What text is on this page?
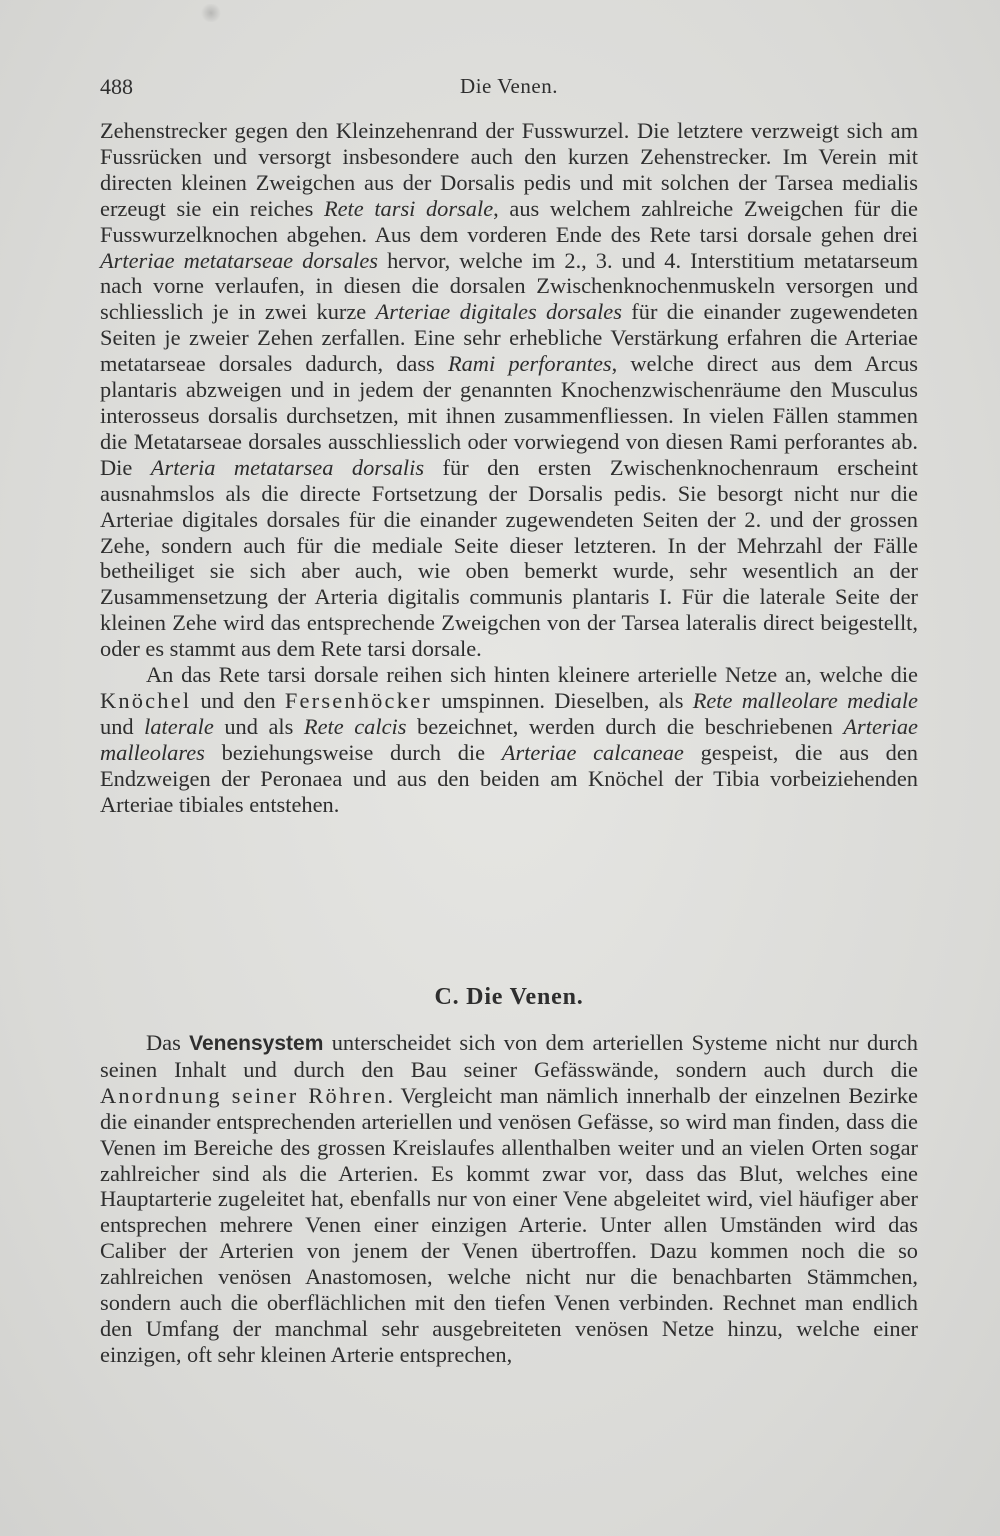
488	Die Venen.

Zehenstrecker gegen den Kleinzehenrand der Fusswurzel. Die letztere verzweigt sich am Fussrücken und versorgt insbesondere auch den kurzen Zehenstrecker. Im Verein mit directen kleinen Zweigchen aus der Dorsalis pedis und mit solchen der Tarsea medialis erzeugt sie ein reiches Rete tarsi dorsale, aus welchem zahlreiche Zweigchen für die Fusswurzelknochen abgehen. Aus dem vorderen Ende des Rete tarsi dorsale gehen drei Arteriae metatarseae dorsales hervor, welche im 2., 3. und 4. Interstitium metatarseum nach vorne verlaufen, in diesen die dorsalen Zwischenknochenmuskeln versorgen und schliesslich je in zwei kurze Arteriae digitales dorsales für die einander zugewendeten Seiten je zweier Zehen zerfallen. Eine sehr erhebliche Verstärkung erfahren die Arteriae metatarseae dorsales dadurch, dass Rami perforantes, welche direct aus dem Arcus plantaris abzweigen und in jedem der genannten Knochenzwischenräume den Musculus interosseus dorsalis durchsetzen, mit ihnen zusammenfliessen. In vielen Fällen stammen die Metatarseae dorsales ausschliesslich oder vorwiegend von diesen Rami perforantes ab. Die Arteria metatarsea dorsalis für den ersten Zwischenknochenraum erscheint ausnahmslos als die directe Fortsetzung der Dorsalis pedis. Sie besorgt nicht nur die Arteriae digitales dorsales für die einander zugewendeten Seiten der 2. und der grossen Zehe, sondern auch für die mediale Seite dieser letzteren. In der Mehrzahl der Fälle betheiliget sie sich aber auch, wie oben bemerkt wurde, sehr wesentlich an der Zusammensetzung der Arteria digitalis communis plantaris I. Für die laterale Seite der kleinen Zehe wird das entsprechende Zweigchen von der Tarsea lateralis direct beigestellt, oder es stammt aus dem Rete tarsi dorsale.

An das Rete tarsi dorsale reihen sich hinten kleinere arterielle Netze an, welche die Knöchel und den Fersenhöcker umspinnen. Dieselben, als Rete malleolare mediale und laterale und als Rete calcis bezeichnet, werden durch die beschriebenen Arteriae malleolares beziehungsweise durch die Arteriae calcaneae gespeist, die aus den Endzweigen der Peronaea und aus den beiden am Knöchel der Tibia vorbeiziehenden Arteriae tibiales entstehen.

C. Die Venen.

Das Venensystem unterscheidet sich von dem arteriellen Systeme nicht nur durch seinen Inhalt und durch den Bau seiner Gefässwände, sondern auch durch die Anordnung seiner Röhren. Vergleicht man nämlich innerhalb der einzelnen Bezirke die einander entsprechenden arteriellen und venösen Gefässe, so wird man finden, dass die Venen im Bereiche des grossen Kreislaufes allenthalben weiter und an vielen Orten sogar zahlreicher sind als die Arterien. Es kommt zwar vor, dass das Blut, welches eine Hauptarterie zugeleitet hat, ebenfalls nur von einer Vene abgeleitet wird, viel häufiger aber entsprechen mehrere Venen einer einzigen Arterie. Unter allen Umständen wird das Caliber der Arterien von jenem der Venen übertroffen. Dazu kommen noch die so zahlreichen venösen Anastomosen, welche nicht nur die benachbarten Stämmchen, sondern auch die oberflächlichen mit den tiefen Venen verbinden. Rechnet man endlich den Umfang der manchmal sehr ausgebreiteten venösen Netze hinzu, welche einer einzigen, oft sehr kleinen Arterie entsprechen,
